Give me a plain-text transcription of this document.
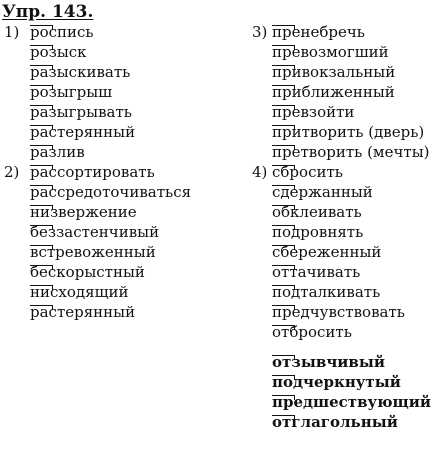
Упр. 143.
1) роспись
розыск
разыскивать
розыгрыш
разыгрывать
растерянный
разлив
2) рассортировать
рассредоточиваться
низвержение
беззастенчивый
встревоженный
бескорыстный
нисходящий
растерянный
3) пренебречь
превозмогший
привокзальный
приближенный
превзойти
притворить (дверь)
претворить (мечты)
4) сбросить
сдержанный
обклеивать
подровнять
сбереженный
оттачивать
подталкивать
предчувствовать
отбросить
отзывчивый
подчеркнутый
предшествующий
отглагольный
